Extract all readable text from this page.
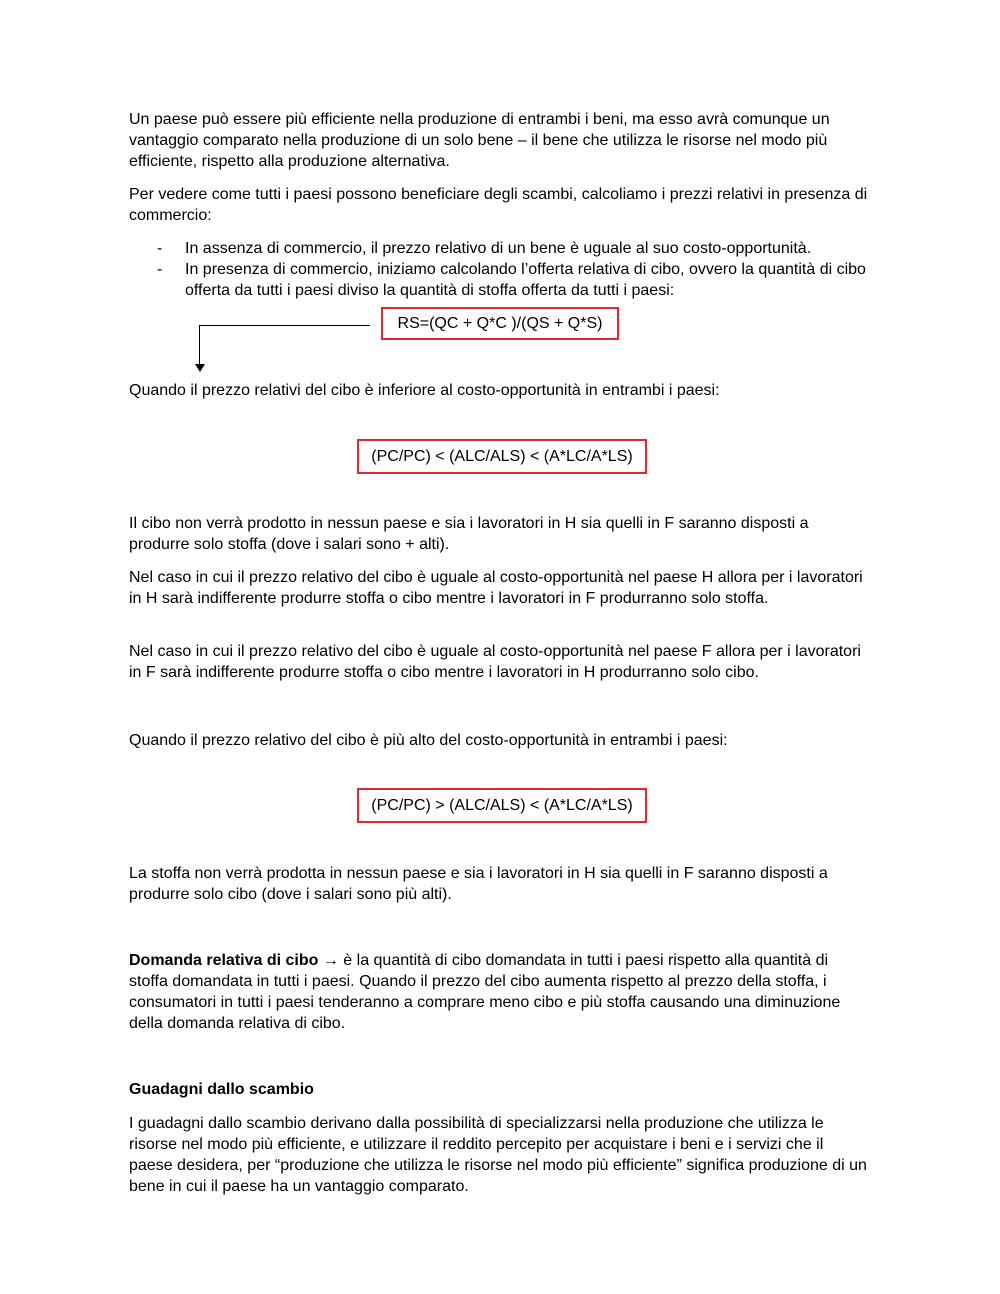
Un paese può essere più efficiente nella produzione di entrambi i beni, ma esso avrà comunque un vantaggio comparato nella produzione di un solo bene – il bene che utilizza le risorse nel modo più efficiente, rispetto alla produzione alternativa.

Per vedere come tutti i paesi possono beneficiare degli scambi, calcoliamo i prezzi relativi in presenza di commercio:

- In assenza di commercio, il prezzo relativo di un bene è uguale al suo costo-opportunità.
- In presenza di commercio, iniziamo calcolando l’offerta relativa di cibo, ovvero la quantità di cibo offerta da tutti i paesi diviso la quantità di stoffa offerta da tutti i paesi:
RS=(QC + Q*C )/(QS + Q*S)

Quando il prezzo relativi del cibo è inferiore al costo-opportunità in entrambi i paesi:

(PC/PC) < (ALC/ALS) < (A*LC/A*LS)

Il cibo non verrà prodotto in nessun paese e sia i lavoratori in H sia quelli in F saranno disposti a produrre solo stoffa (dove i salari sono + alti).

Nel caso in cui il prezzo relativo del cibo è uguale al costo-opportunità nel paese H allora per i lavoratori in H sarà indifferente produrre stoffa o cibo mentre i lavoratori in F produrranno solo stoffa.

Nel caso in cui il prezzo relativo del cibo è uguale al costo-opportunità nel paese F allora per i lavoratori in F sarà indifferente produrre stoffa o cibo mentre i lavoratori in H produrranno solo cibo.

Quando il prezzo relativo del cibo è più alto del costo-opportunità in entrambi i paesi:

(PC/PC) > (ALC/ALS) < (A*LC/A*LS)

La stoffa non verrà prodotta in nessun paese e sia i lavoratori in H sia quelli in F saranno disposti a produrre solo cibo (dove i salari sono più alti).

Domanda relativa di cibo → è la quantità di cibo domandata in tutti i paesi rispetto alla quantità di stoffa domandata in tutti i paesi. Quando il prezzo del cibo aumenta rispetto al prezzo della stoffa, i consumatori in tutti i paesi tenderanno a comprare meno cibo e più stoffa causando una diminuzione della domanda relativa di cibo.

Guadagni dallo scambio

I guadagni dallo scambio derivano dalla possibilità di specializzarsi nella produzione che utilizza le risorse nel modo più efficiente, e utilizzare il reddito percepito per acquistare i beni e i servizi che il paese desidera, per “produzione che utilizza le risorse nel modo più efficiente” significa produzione di un bene in cui il paese ha un vantaggio comparato.
